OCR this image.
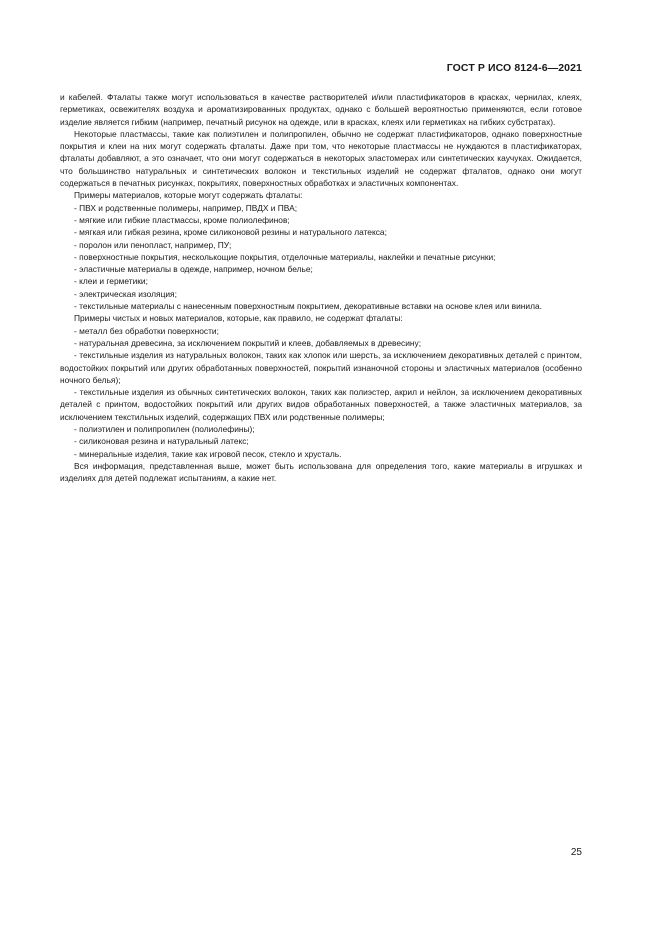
ГОСТ Р ИСО 8124-6—2021

и кабелей. Фталаты также могут использоваться в качестве растворителей и/или пластификаторов в красках, чернилах, клеях, герметиках, освежителях воздуха и ароматизированных продуктах, однако с большей вероятностью применяются, если готовое изделие является гибким (например, печатный рисунок на одежде, или в красках, клеях или герметиках на гибких субстратах).

Некоторые пластмассы, такие как полиэтилен и полипропилен, обычно не содержат пластификаторов, однако поверхностные покрытия и клеи на них могут содержать фталаты. Даже при том, что некоторые пластмассы не нуждаются в пластификаторах, фталаты добавляют, а это означает, что они могут содержаться в некоторых эластомерах или синтетических каучуках. Ожидается, что большинство натуральных и синтетических волокон и текстильных изделий не содержат фталатов, однако они могут содержаться в печатных рисунках, покрытиях, поверхностных обработках и эластичных компонентах.

Примеры материалов, которые могут содержать фталаты:

- ПВХ и родственные полимеры, например, ПВДХ и ПВА;

- мягкие или гибкие пластмассы, кроме полиолефинов;

- мягкая или гибкая резина, кроме силиконовой резины и натурального латекса;

- поролон или пенопласт, например, ПУ;

- поверхностные покрытия, несколькощие покрытия, отделочные материалы, наклейки и печатные рисунки;

- эластичные материалы в одежде, например, ночном белье;

- клеи и герметики;

- электрическая изоляция;

- текстильные материалы с нанесенным поверхностным покрытием, декоративные вставки на основе клея или винила.

Примеры чистых и новых материалов, которые, как правило, не содержат фталаты:

- металл без обработки поверхности;

- натуральная древесина, за исключением покрытий и клеев, добавляемых в древесину;

- текстильные изделия из натуральных волокон, таких как хлопок или шерсть, за исключением декоративных деталей с принтом, водостойких покрытий или других обработанных поверхностей, покрытий изнаночной стороны и эластичных материалов (особенно ночного белья);

- текстильные изделия из обычных синтетических волокон, таких как полиэстер, акрил и нейлон, за исключением декоративных деталей с принтом, водостойких покрытий или других видов обработанных поверхностей, а также эластичных материалов, за исключением текстильных изделий, содержащих ПВХ или родственные полимеры;

- полиэтилен и полипропилен (полиолефины);

- силиконовая резина и натуральный латекс;

- минеральные изделия, такие как игровой песок, стекло и хрусталь.

Вся информация, представленная выше, может быть использована для определения того, какие материалы в игрушках и изделиях для детей подлежат испытаниям, а какие нет.

25
